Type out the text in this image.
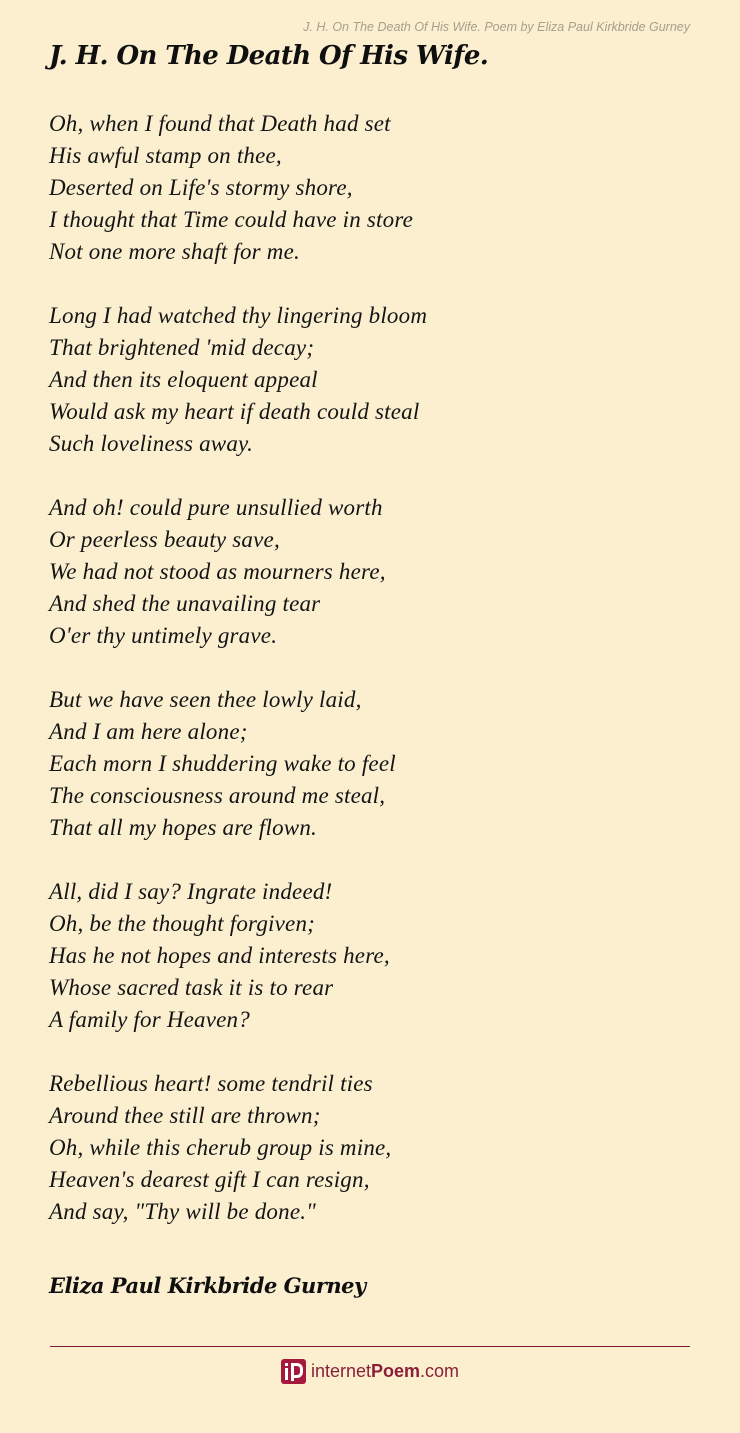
J. H. On The Death Of His Wife. Poem by Eliza Paul Kirkbride Gurney
J. H. On The Death Of His Wife.
Oh, when I found that Death had set
His awful stamp on thee,
Deserted on Life's stormy shore,
I thought that Time could have in store
Not one more shaft for me.
Long I had watched thy lingering bloom
That brightened 'mid decay;
And then its eloquent appeal
Would ask my heart if death could steal
Such loveliness away.
And oh! could pure unsullied worth
Or peerless beauty save,
We had not stood as mourners here,
And shed the unavailing tear
O'er thy untimely grave.
But we have seen thee lowly laid,
And I am here alone;
Each morn I shuddering wake to feel
The consciousness around me steal,
That all my hopes are flown.
All, did I say? Ingrate indeed!
Oh, be the thought forgiven;
Has he not hopes and interests here,
Whose sacred task it is to rear
A family for Heaven?
Rebellious heart! some tendril ties
Around thee still are thrown;
Oh, while this cherub group is mine,
Heaven's dearest gift I can resign,
And say, "Thy will be done."
Eliza Paul Kirkbride Gurney
internetPoem.com
